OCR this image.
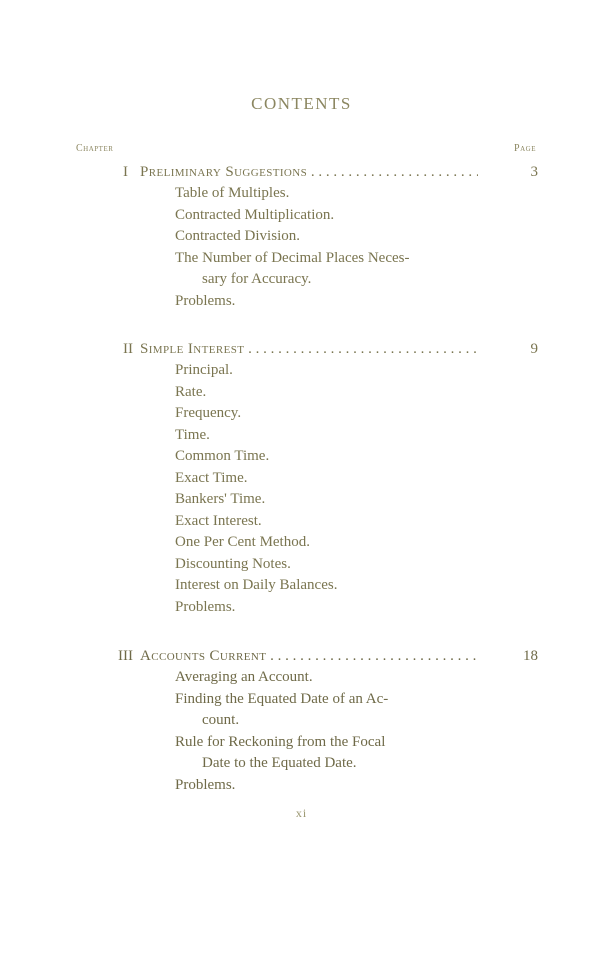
CONTENTS
Chapter	Page
I Preliminary Suggestions . . .	3
Table of Multiples.
Contracted Multiplication.
Contracted Division.
The Number of Decimal Places Neces-
sary for Accuracy.
Problems.
II Simple Interest . . .	9
Principal.
Rate.
Frequency.
Time.
Common Time.
Exact Time.
Bankers' Time.
Exact Interest.
One Per Cent Method.
Discounting Notes.
Interest on Daily Balances.
Problems.
III Accounts Current . . .	18
Averaging an Account.
Finding the Equated Date of an Ac-
count.
Rule for Reckoning from the Focal
Date to the Equated Date.
Problems.
xi
